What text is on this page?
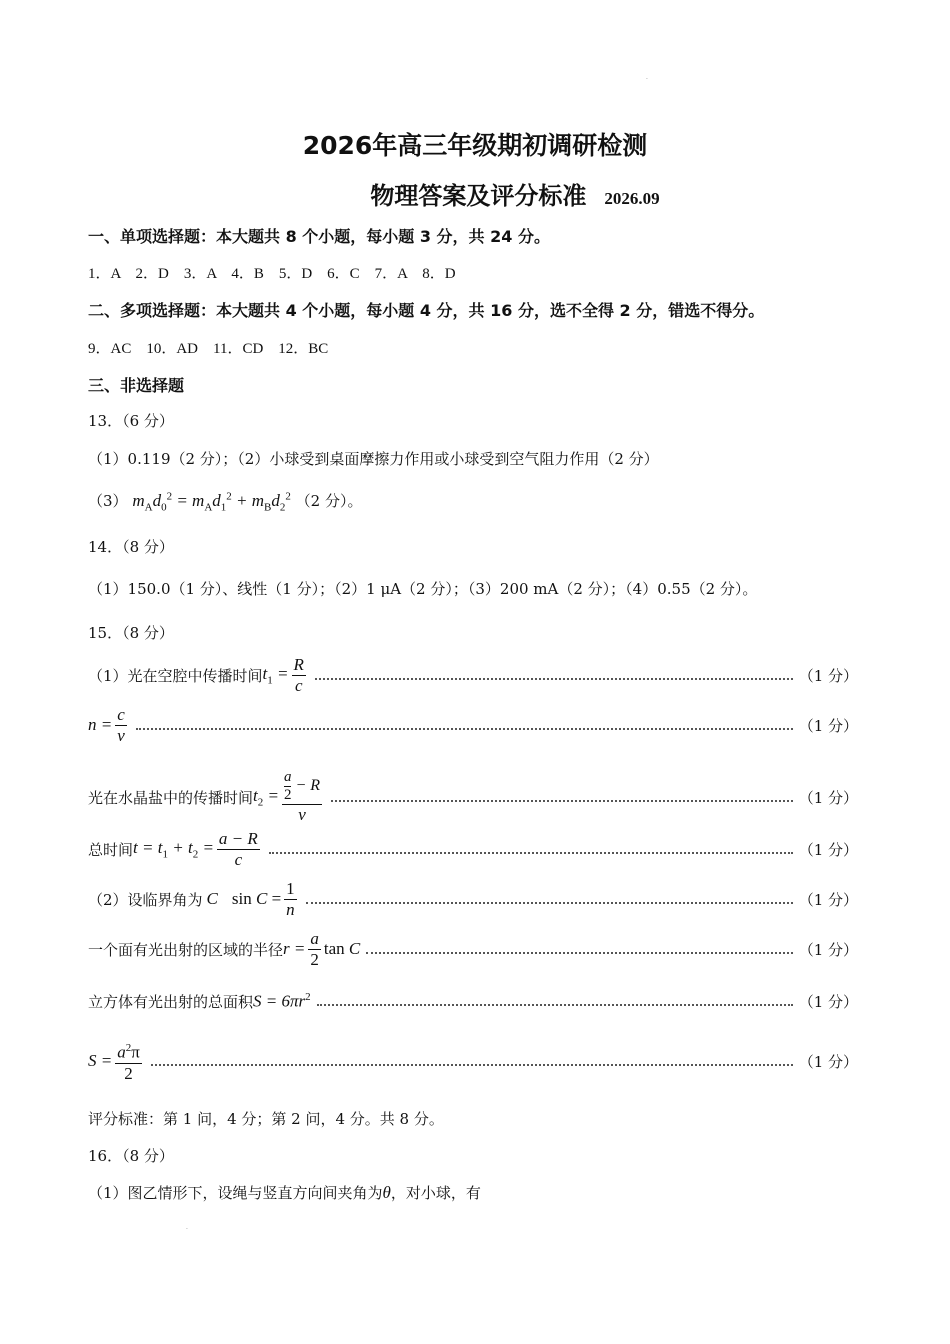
2026年高三年级期初调研检测
物理答案及评分标准 2026.09
一、单项选择题：本大题共 8 个小题，每小题 3 分，共 24 分。
1．A　2．D　3．A　4．B　5．D　6．C　7．A　8．D
二、多项选择题：本大题共 4 个小题，每小题 4 分，共 16 分，选不全得 2 分，错选不得分。
9．AC　10．AD　11．CD　12．BC
三、非选择题
13．（6 分）
（1）0.119（2 分）；（2）小球受到桌面摩擦力作用或小球受到空气阻力作用（2 分）
（3） $m_Ad_0^2 = m_Ad_1^2 + m_Bd_2^2$ （2 分）。
14．（8 分）
（1）150.0（1 分）、线性（1 分）；（2）1 μA（2 分）；（3）200 mA（2 分）；（4）0.55（2 分）。
15．（8 分）
（1）光在空腔中传播时间 $t_1 = \frac{R}{c}$	（1 分）
$n = \frac{c}{v}$	（1 分）
光在水晶盐中的传播时间 $t_2 = \frac{\frac{a}{2} - R}{v}$	（1 分）
总时间 $t = t_1 + t_2 = \frac{a - R}{c}$	（1 分）
（2）设临界角为 C $\sin C = \frac{1}{n}$	（1 分）
一个面有光出射的区域的半径 $r = \frac{a}{2}$ tan C	（1 分）
立方体有光出射的总面积 $S = 6\pi r^2$	（1 分）
$S = \frac{a^2\pi}{2}$	（1 分）
评分标准：第 1 问，4 分；第 2 问，4 分。共 8 分。
16．（8 分）
（1）图乙情形下，设绳与竖直方向间夹角为θ，对小球，有
·
·
